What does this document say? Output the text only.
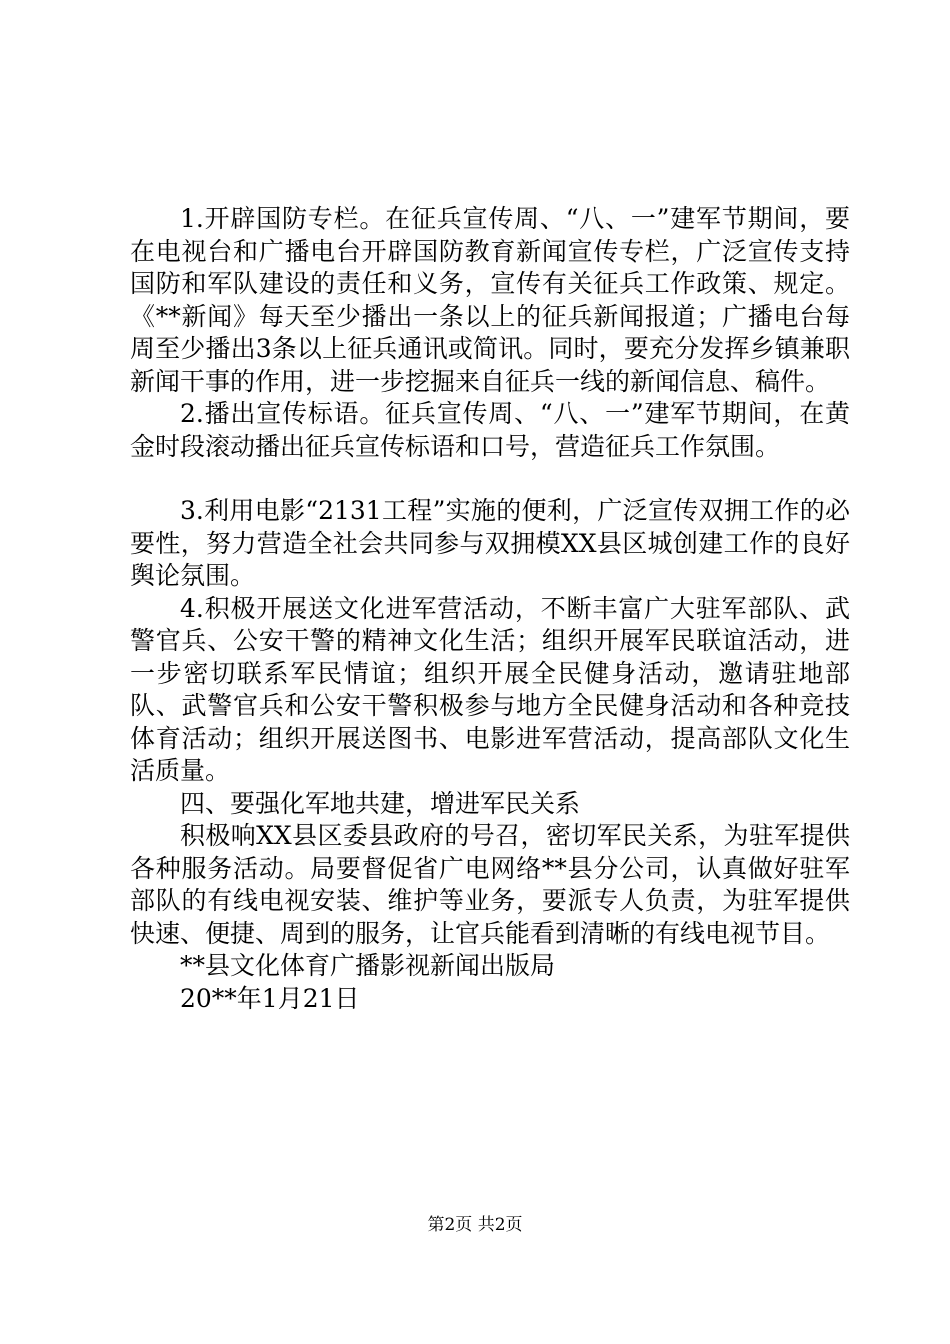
1.开辟国防专栏。在征兵宣传周、“八、一”建军节期间，要在电视台和广播电台开辟国防教育新闻宣传专栏，广泛宣传支持国防和军队建设的责任和义务，宣传有关征兵工作政策、规定。《**新闻》每天至少播出一条以上的征兵新闻报道；广播电台每周至少播出3条以上征兵通讯或简讯。同时，要充分发挥乡镇兼职新闻干事的作用，进一步挖掘来自征兵一线的新闻信息、稿件。

2.播出宣传标语。征兵宣传周、“八、一”建军节期间，在黄金时段滚动播出征兵宣传标语和口号，营造征兵工作氛围。

3.利用电影“2131工程”实施的便利，广泛宣传双拥工作的必要性，努力营造全社会共同参与双拥模XX县区城创建工作的良好舆论氛围。

4.积极开展送文化进军营活动，不断丰富广大驻军部队、武警官兵、公安干警的精神文化生活；组织开展军民联谊活动，进一步密切联系军民情谊；组织开展全民健身活动，邀请驻地部队、武警官兵和公安干警积极参与地方全民健身活动和各种竞技体育活动；组织开展送图书、电影进军营活动，提高部队文化生活质量。

四、要强化军地共建，增进军民关系

积极响XX县区委县政府的号召，密切军民关系，为驻军提供各种服务活动。局要督促省广电网络**县分公司，认真做好驻军部队的有线电视安装、维护等业务，要派专人负责，为驻军提供快速、便捷、周到的服务，让官兵能看到清晰的有线电视节目。

**县文化体育广播影视新闻出版局

20**年1月21日

第2页 共2页
